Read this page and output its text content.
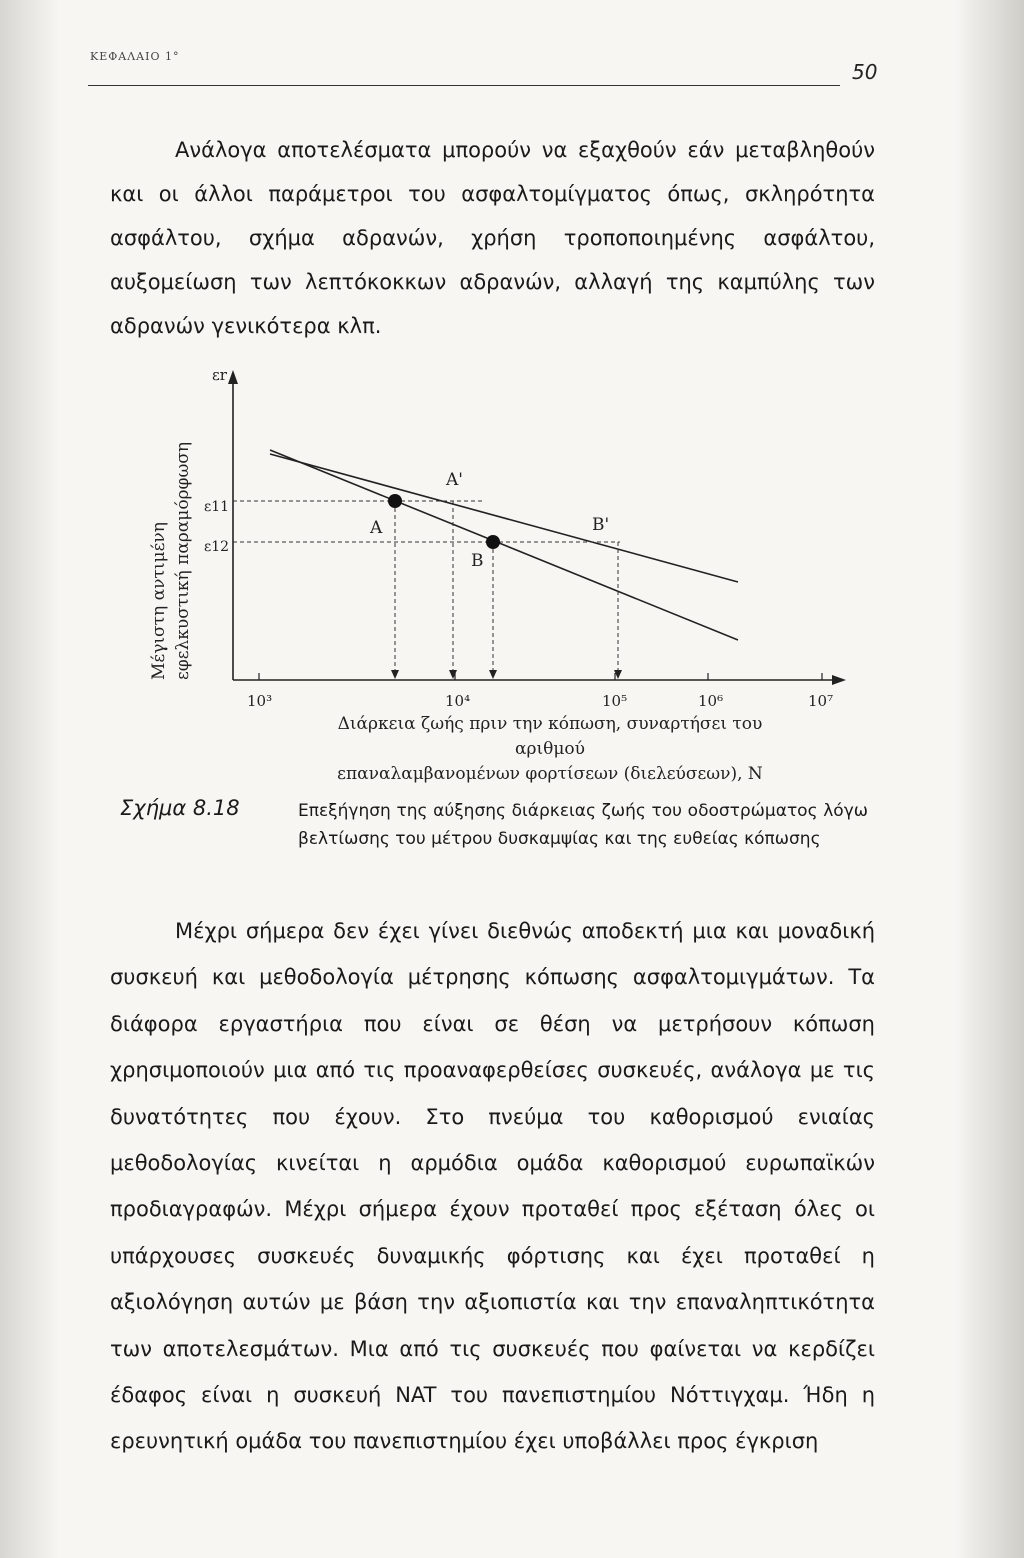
ΚΕΦΑΛΑΙΟ 1°
50

Ανάλογα αποτελέσματα μπορούν να εξαχθούν εάν μεταβληθούν και οι άλλοι παράμετροι του ασφαλτομίγματος όπως, σκληρότητα ασφάλτου, σχήμα αδρανών, χρήση τροποποιημένης ασφάλτου, αυξομείωση των λεπτόκοκκων αδρανών, αλλαγή της καμπύλης των αδρανών γενικότερα κλπ.

εr
ε11
ε12
A
A'
B
B'
10³	10⁴	10⁵	10⁶	10⁷
Μέγιστη αντιμένη εφελκυστική παραμόρφωση
Διάρκεια ζωής πριν την κόπωση, συναρτήσει του αριθμού
επαναλαμβανομένων φορτίσεων (διελεύσεων), N
Σχήμα 8.18	Επεξήγηση της αύξησης διάρκειας ζωής του οδοστρώματος λόγω βελτίωσης του μέτρου δυσκαμψίας και της ευθείας κόπωσης

Μέχρι σήμερα δεν έχει γίνει διεθνώς αποδεκτή μια και μοναδική συσκευή και μεθοδολογία μέτρησης κόπωσης ασφαλτομιγμάτων. Τα διάφορα εργαστήρια που είναι σε θέση να μετρήσουν κόπωση χρησιμοποιούν μια από τις προαναφερθείσες συσκευές, ανάλογα με τις δυνατότητες που έχουν. Στο πνεύμα του καθορισμού ενιαίας μεθοδολογίας κινείται η αρμόδια ομάδα καθορισμού ευρωπαϊκών προδιαγραφών. Μέχρι σήμερα έχουν προταθεί προς εξέταση όλες οι υπάρχουσες συσκευές δυναμικής φόρτισης και έχει προταθεί η αξιολόγηση αυτών με βάση την αξιοπιστία και την επαναληπτικότητα των αποτελεσμάτων. Μια από τις συσκευές που φαίνεται να κερδίζει έδαφος είναι η συσκευή NAT του πανεπιστημίου Νόττιγχαμ. Ήδη η ερευνητική ομάδα του πανεπιστημίου έχει υποβάλλει προς έγκριση
